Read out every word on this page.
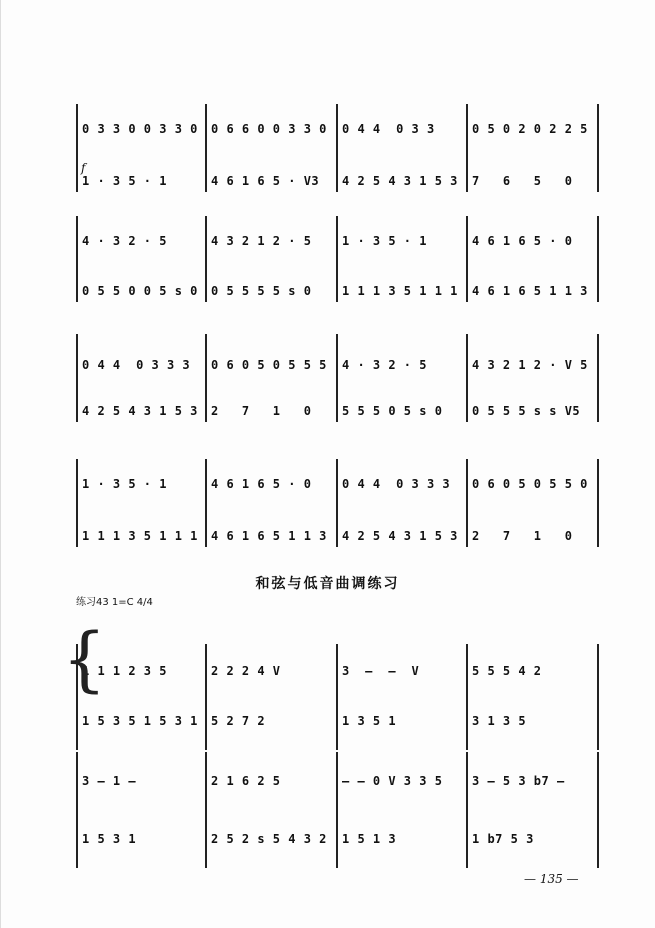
f
0 3 3 0 0 3 3 0	0 6 6 0 0 3 3 0	0 4 4  0 3 3	0 5 0 2 0 2 2 5
1 · 3 5 · 1	4 6 1 6 5 · V3	4 2 5 4 3 1 5 3	7   6   5   0
4 · 3 2 · 5	4 3 2 1 2 · 5	1 · 3 5 · 1	4 6 1 6 5 · 0
0 5 5 0 0 5 s 0	0 5 5 5 5 s 0	1 1 1 3 5 1 1 1	4 6 1 6 5 1 1 3
0 4 4  0 3 3 3	0 6 0 5 0 5 5 5	4 · 3 2 · 5	4 3 2 1 2 · V 5
4 2 5 4 3 1 5 3	2   7   1   0	5 5 5 0 5 s 0	0 5 5 5 s s V5
1 · 3 5 · 1	4 6 1 6 5 · 0	0 4 4  0 3 3 3	0 6 0 5 0 5 5 0
1 1 1 3 5 1 1 1	4 6 1 6 5 1 1 3	4 2 5 4 3 1 5 3	2   7   1   0
1 1 1 2 3 5	2 2 2 4 V	3  —  —  V	5 5 5 4 2
1 5 3 5 1 5 3 1	5 2 7 2	1 3 5 1	3 1 3 5
3 — 1 —	2 1 6 2 5	— — 0 V 3 3 5	3 — 5 3 b7 —
1 5 3 1	2 5 2 s 5 4 3 2	1 5 1 3	1 b7 5 3
和弦与低音曲调练习
练习43 1=C 4/4
{
— 135 —
